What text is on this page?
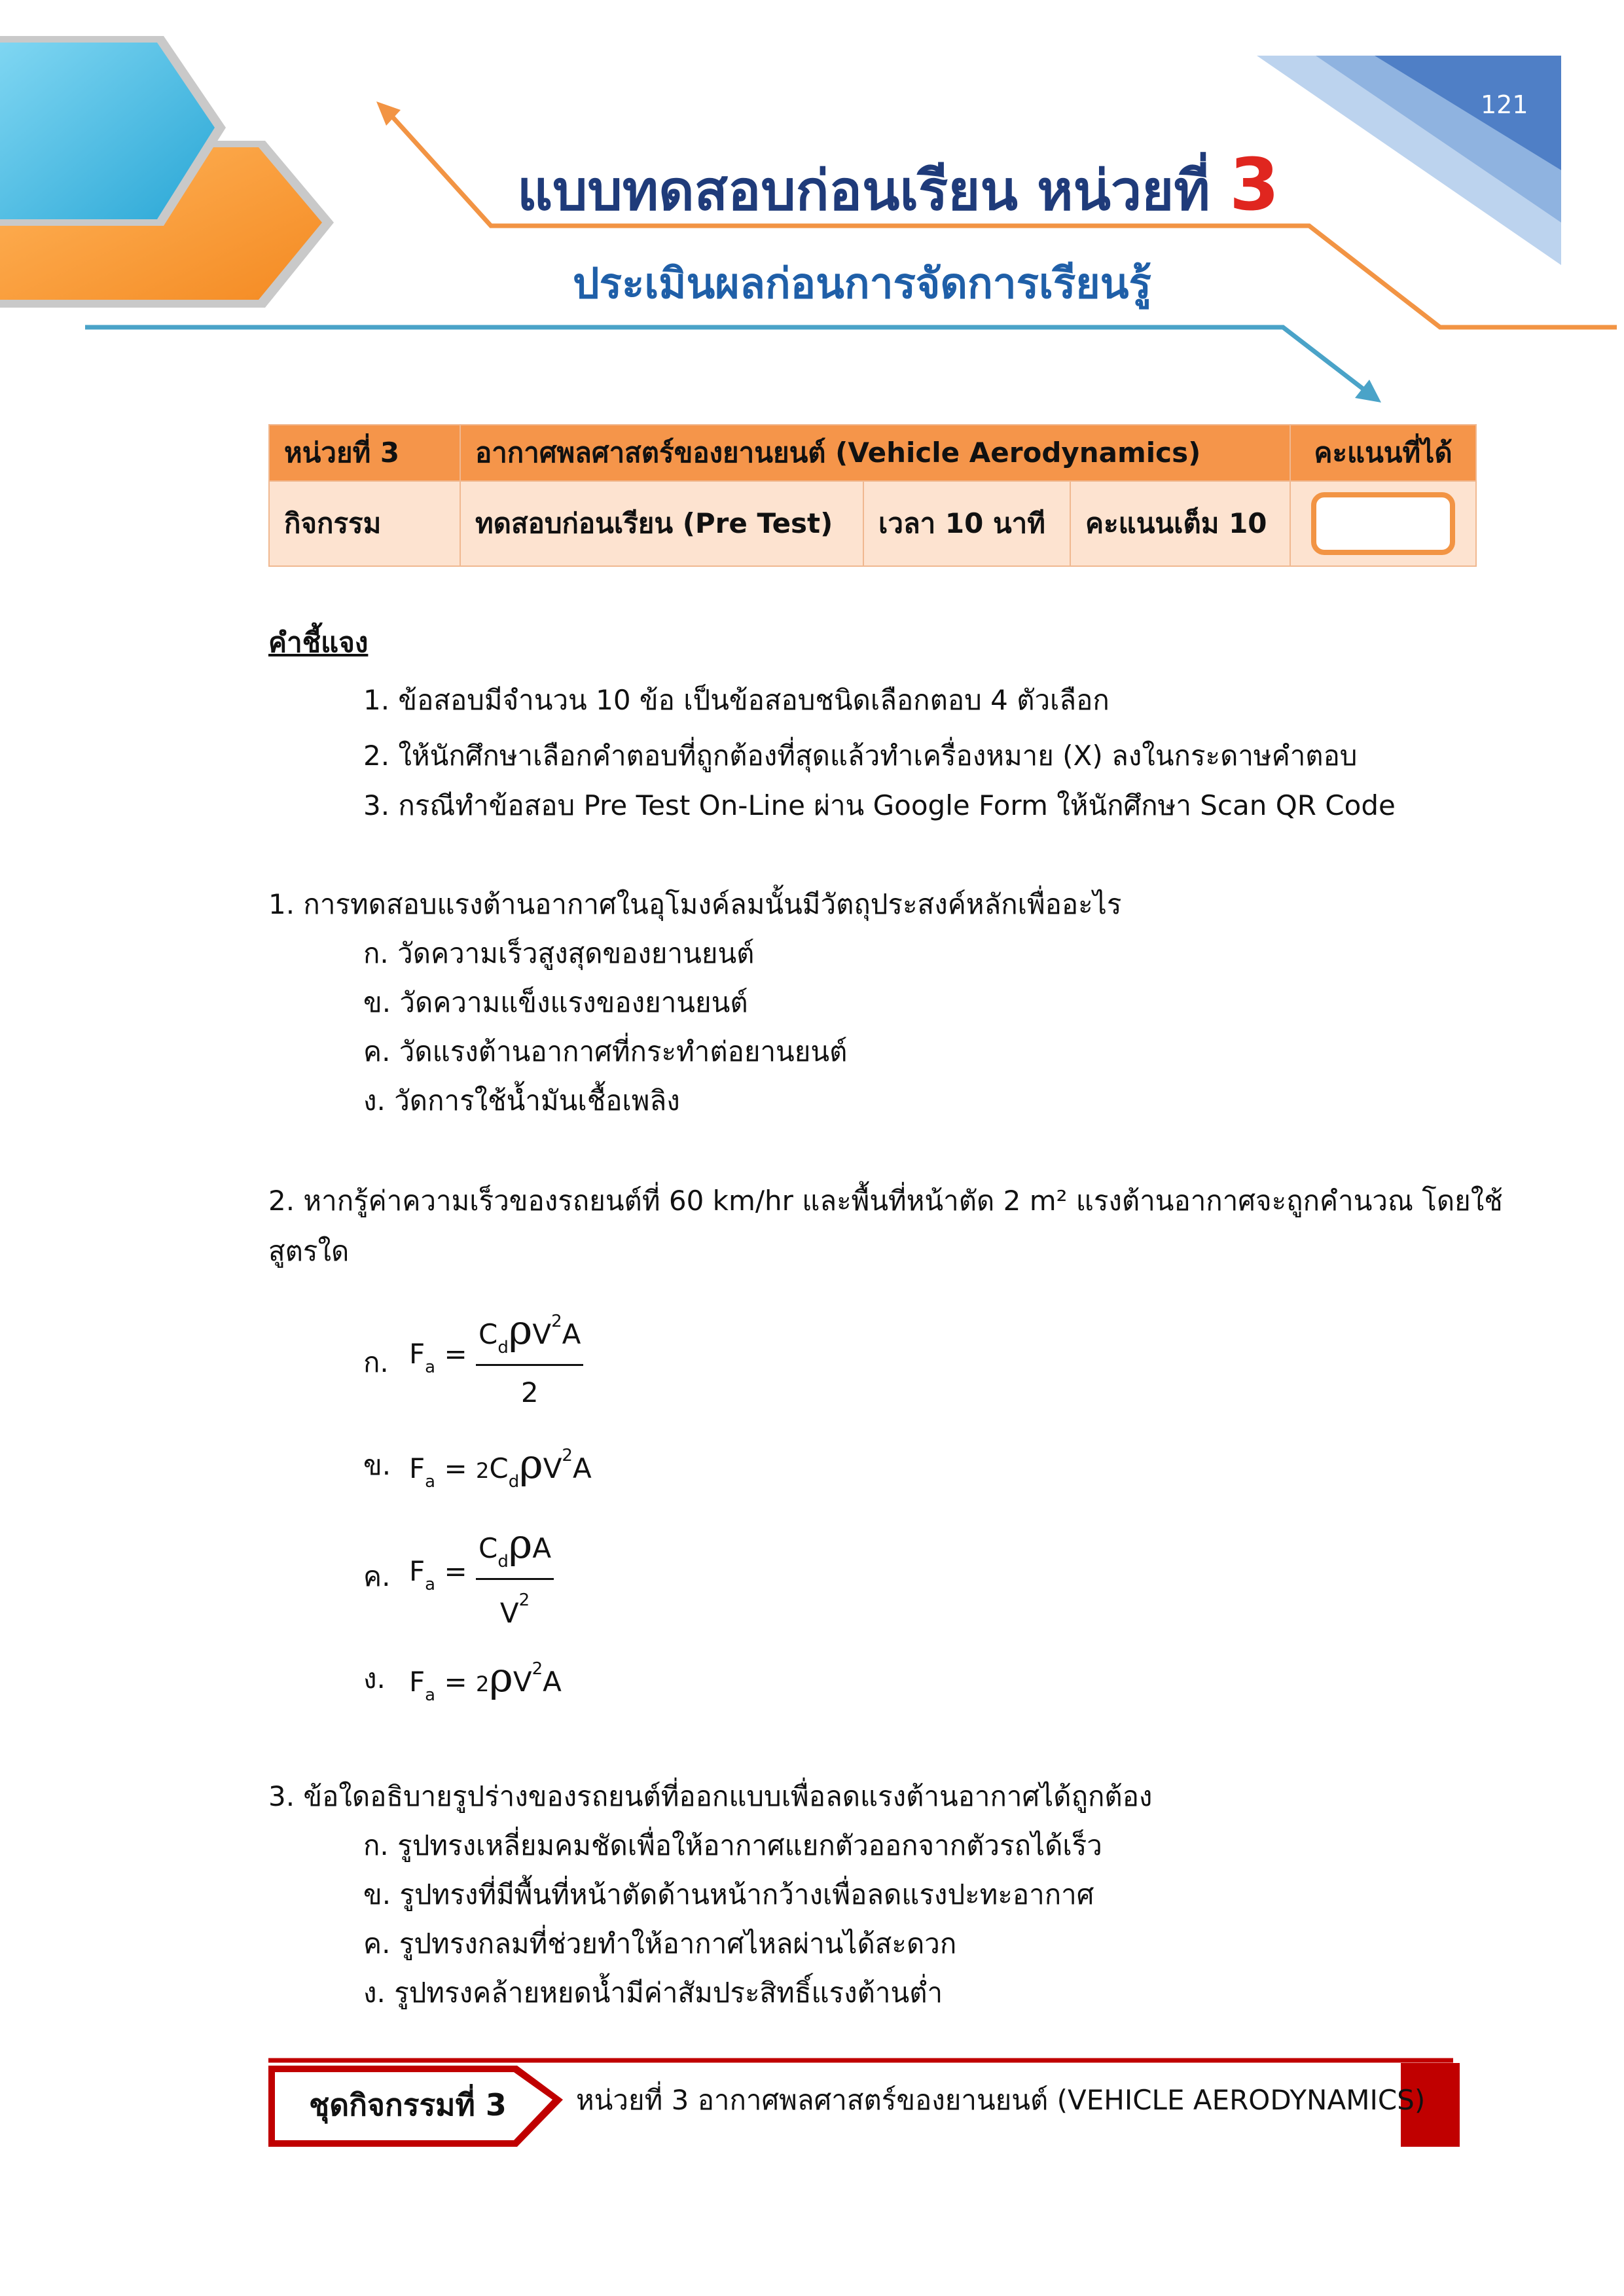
121
แบบทดสอบก่อนเรียน หน่วยที่ 3
ประเมินผลก่อนการจัดการเรียนรู้
หน่วยที่ 3	อากาศพลศาสตร์ของยานยนต์ (Vehicle Aerodynamics)			คะแนนที่ได้
กิจกรรม	ทดสอบก่อนเรียน (Pre Test)	เวลา 10 นาที	คะแนนเต็ม 10	
คำชี้แจง
1. ข้อสอบมีจำนวน 10 ข้อ เป็นข้อสอบชนิดเลือกตอบ 4 ตัวเลือก
2. ให้นักศึกษาเลือกคำตอบที่ถูกต้องที่สุดแล้วทำเครื่องหมาย (X) ลงในกระดาษคำตอบ
3. กรณีทำข้อสอบ Pre Test On-Line ผ่าน Google Form ให้นักศึกษา Scan QR Code
1. การทดสอบแรงต้านอากาศในอุโมงค์ลมนั้นมีวัตถุประสงค์หลักเพื่ออะไร
ก. วัดความเร็วสูงสุดของยานยนต์
ข. วัดความแข็งแรงของยานยนต์
ค. วัดแรงต้านอากาศที่กระทำต่อยานยนต์
ง. วัดการใช้น้ำมันเชื้อเพลิง
2. หากรู้ค่าความเร็วของรถยนต์ที่ 60 km/hr และพื้นที่หน้าตัด 2 m² แรงต้านอากาศจะถูกคำนวณ โดยใช้
สูตรใด
ก. $F_a = \frac{C_d\rho V^2A}{2}$
ข. $F_a = 2C_d\rho V^2A$
ค. $F_a = \frac{C_d\rho A}{V^2}$
ง. $F_a = 2\rho V^2A$
3. ข้อใดอธิบายรูปร่างของรถยนต์ที่ออกแบบเพื่อลดแรงต้านอากาศได้ถูกต้อง
ก. รูปทรงเหลี่ยมคมชัดเพื่อให้อากาศแยกตัวออกจากตัวรถได้เร็ว
ข. รูปทรงที่มีพื้นที่หน้าตัดด้านหน้ากว้างเพื่อลดแรงปะทะอากาศ
ค. รูปทรงกลมที่ช่วยทำให้อากาศไหลผ่านได้สะดวก
ง. รูปทรงคล้ายหยดน้ำมีค่าสัมประสิทธิ์แรงต้านต่ำ
ชุดกิจกรรมที่ 3	หน่วยที่ 3 อากาศพลศาสตร์ของยานยนต์ (VEHICLE AERODYNAMICS)
